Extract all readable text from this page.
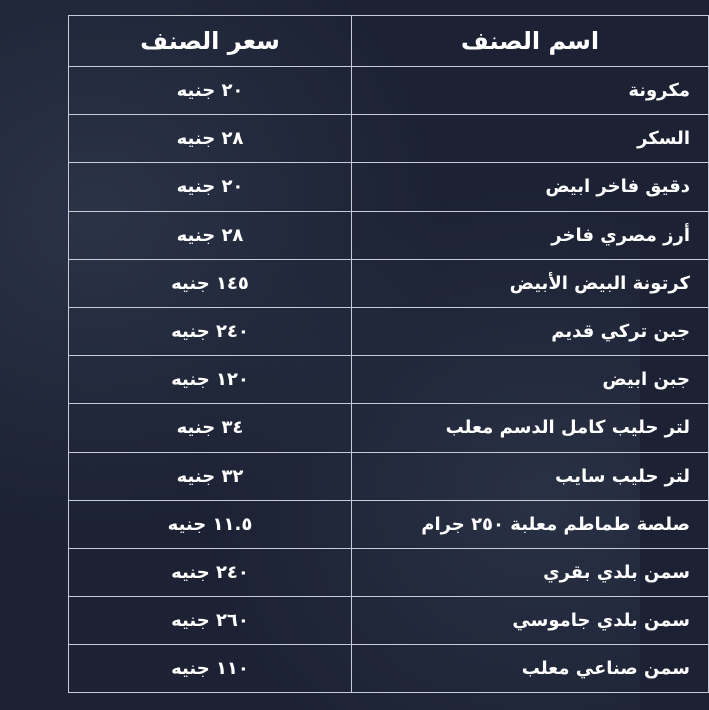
اسم الصنف	سعر الصنف
مكرونة	٢٠ جنيه
السكر	٢٨ جنيه
دقيق فاخر ابيض	٢٠ جنيه
أرز مصري فاخر	٢٨ جنيه
كرتونة البيض الأبيض	١٤٥ جنيه
جبن تركي قديم	٢٤٠ جنيه
جبن ابيض	١٢٠ جنيه
لتر حليب كامل الدسم معلب	٣٤ جنيه
لتر حليب سايب	٣٢ جنيه
صلصة طماطم معلبة ٢٥٠ جرام	١١.٥ جنيه
سمن بلدي بقري	٢٤٠ جنيه
سمن بلدي جاموسي	٢٦٠ جنيه
سمن صناعي معلب	١١٠ جنيه
